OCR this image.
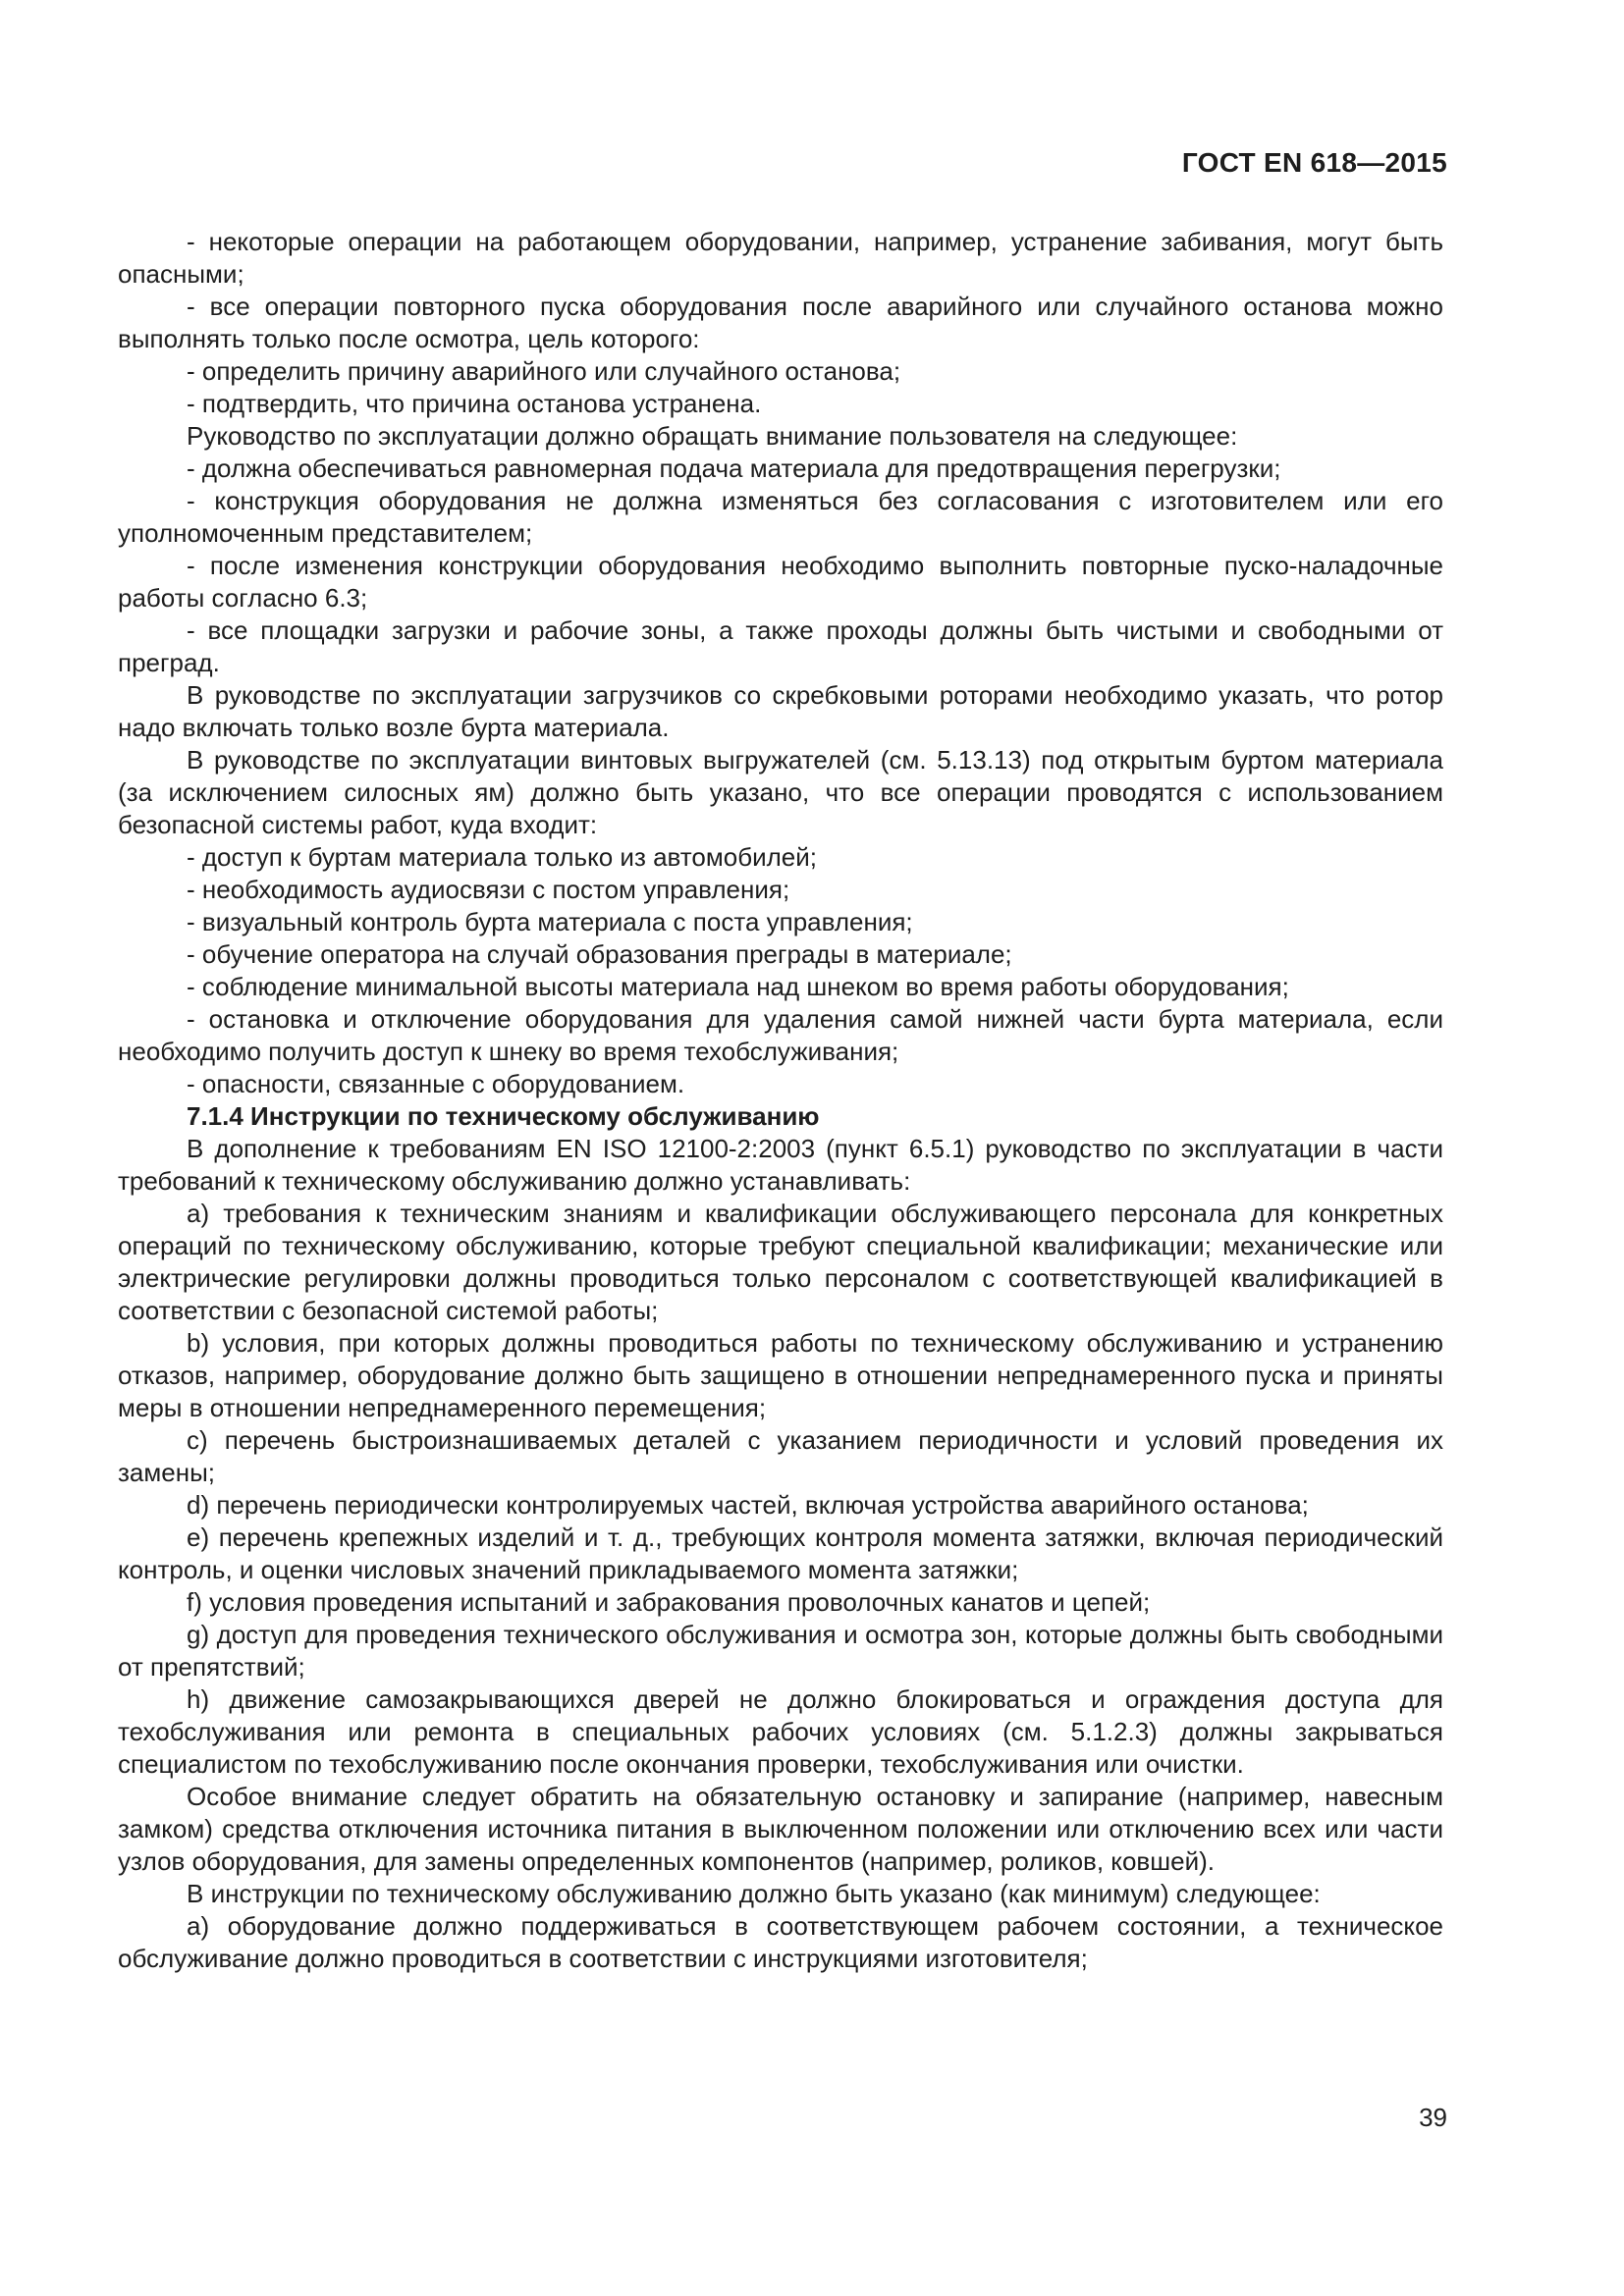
ГОСТ EN 618—2015

- некоторые операции на работающем оборудовании, например, устранение забивания, могут быть опасными;

- все операции повторного пуска оборудования после аварийного или случайного останова можно выполнять только после осмотра, цель которого:

- определить причину аварийного или случайного останова;

- подтвердить, что причина останова устранена.

Руководство по эксплуатации должно обращать внимание пользователя на следующее:

- должна обеспечиваться равномерная подача материала для предотвращения перегрузки;

- конструкция оборудования не должна изменяться без согласования с изготовителем или его уполномоченным представителем;

- после изменения конструкции оборудования необходимо выполнить повторные пуско-наладочные работы согласно 6.3;

- все площадки загрузки и рабочие зоны, а также проходы должны быть чистыми и свободными от преград.

В руководстве по эксплуатации загрузчиков со скребковыми роторами необходимо указать, что ротор надо включать только возле бурта материала.

В руководстве по эксплуатации винтовых выгружателей (см. 5.13.13) под открытым буртом материала (за исключением силосных ям) должно быть указано, что все операции проводятся с использованием безопасной системы работ, куда входит:

- доступ к буртам материала только из автомобилей;

- необходимость аудиосвязи с постом управления;

- визуальный контроль бурта материала с поста управления;

- обучение оператора на случай образования преграды в материале;

- соблюдение минимальной высоты материала над шнеком во время работы оборудования;

- остановка и отключение оборудования для удаления самой нижней части бурта материала, если необходимо получить доступ к шнеку во время техобслуживания;

- опасности, связанные с оборудованием.

7.1.4 Инструкции по техническому обслуживанию

В дополнение к требованиям EN ISO 12100-2:2003 (пункт 6.5.1) руководство по эксплуатации в части требований к техническому обслуживанию должно устанавливать:

a) требования к техническим знаниям и квалификации обслуживающего персонала для конкретных операций по техническому обслуживанию, которые требуют специальной квалификации; механические или электрические регулировки должны проводиться только персоналом с соответствующей квалификацией в соответствии с безопасной системой работы;

b) условия, при которых должны проводиться работы по техническому обслуживанию и устранению отказов, например, оборудование должно быть защищено в отношении непреднамеренного пуска и приняты меры в отношении непреднамеренного перемещения;

c) перечень быстроизнашиваемых деталей с указанием периодичности и условий проведения их замены;

d) перечень периодически контролируемых частей, включая устройства аварийного останова;

e) перечень крепежных изделий и т. д., требующих контроля момента затяжки, включая периодический контроль, и оценки числовых значений прикладываемого момента затяжки;

f) условия проведения испытаний и забракования проволочных канатов и цепей;

g) доступ для проведения технического обслуживания и осмотра зон, которые должны быть свободными от препятствий;

h) движение самозакрывающихся дверей не должно блокироваться и ограждения доступа для техобслуживания или ремонта в специальных рабочих условиях (см. 5.1.2.3) должны закрываться специалистом по техобслуживанию после окончания проверки, техобслуживания или очистки.

Особое внимание следует обратить на обязательную остановку и запирание (например, навесным замком) средства отключения источника питания в выключенном положении или отключению всех или части узлов оборудования, для замены определенных компонентов (например, роликов, ковшей).

В инструкции по техническому обслуживанию должно быть указано (как минимум) следующее:

a) оборудование должно поддерживаться в соответствующем рабочем состоянии, а техническое обслуживание должно проводиться в соответствии с инструкциями изготовителя;

39
